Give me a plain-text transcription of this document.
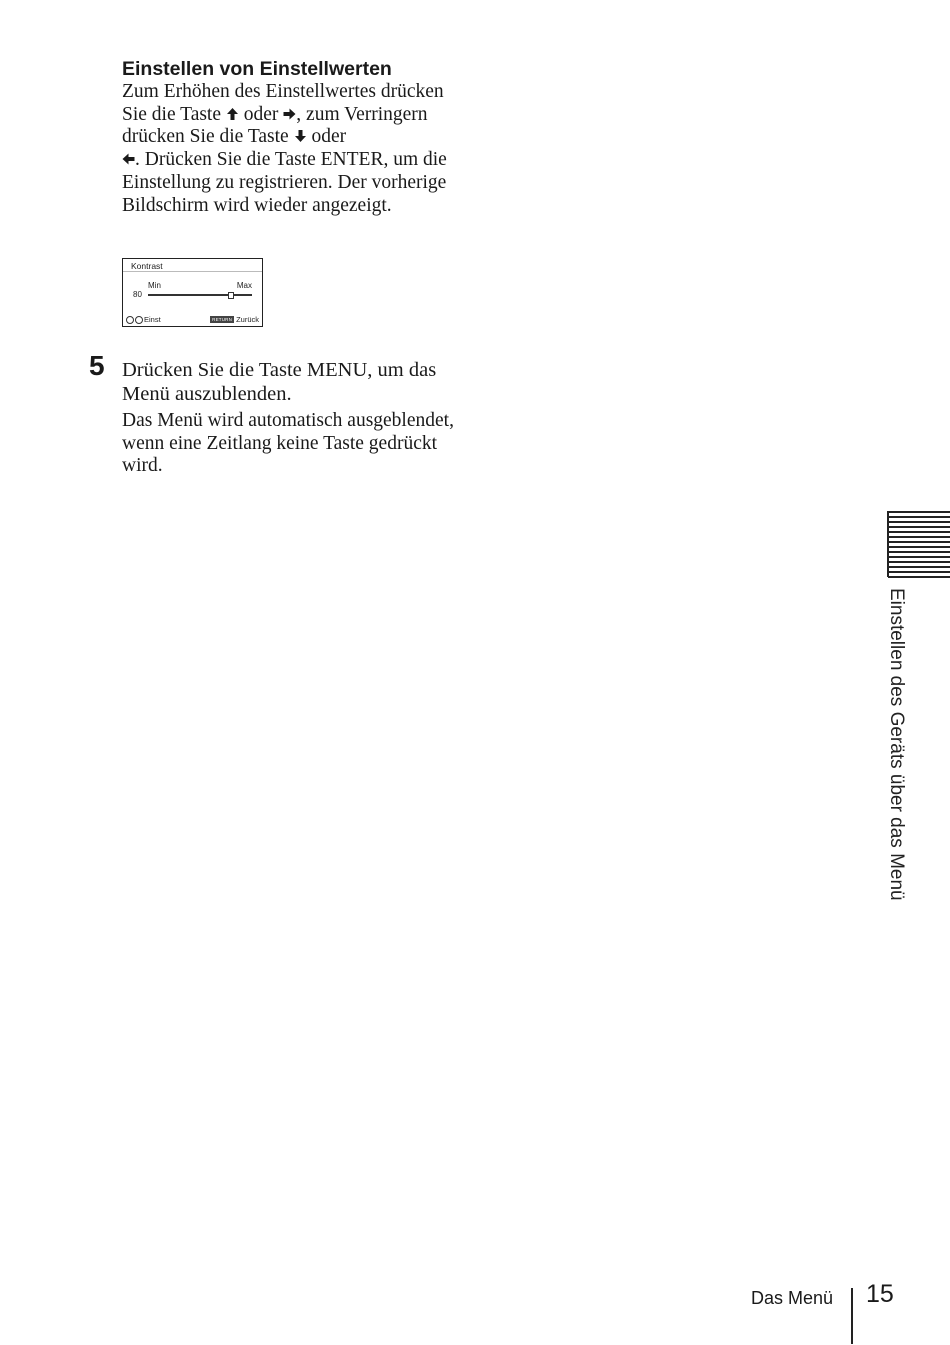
Einstellen von Einstellwerten
Zum Erhöhen des Einstellwertes drücken Sie die Taste
oder
, zum Verringern drücken Sie die Taste
oder

. Drücken Sie die Taste ENTER, um die Einstellung zu registrieren. Der vorherige Bildschirm wird wieder angezeigt.
Kontrast
Min	Max
80
Einst	RETURN Zurück
5 Drücken Sie die Taste MENU, um das Menü auszublenden.
Das Menü wird automatisch ausgeblendet, wenn eine Zeitlang keine Taste gedrückt wird.
Einstellen des Geräts über das Menü
Das Menü 15
